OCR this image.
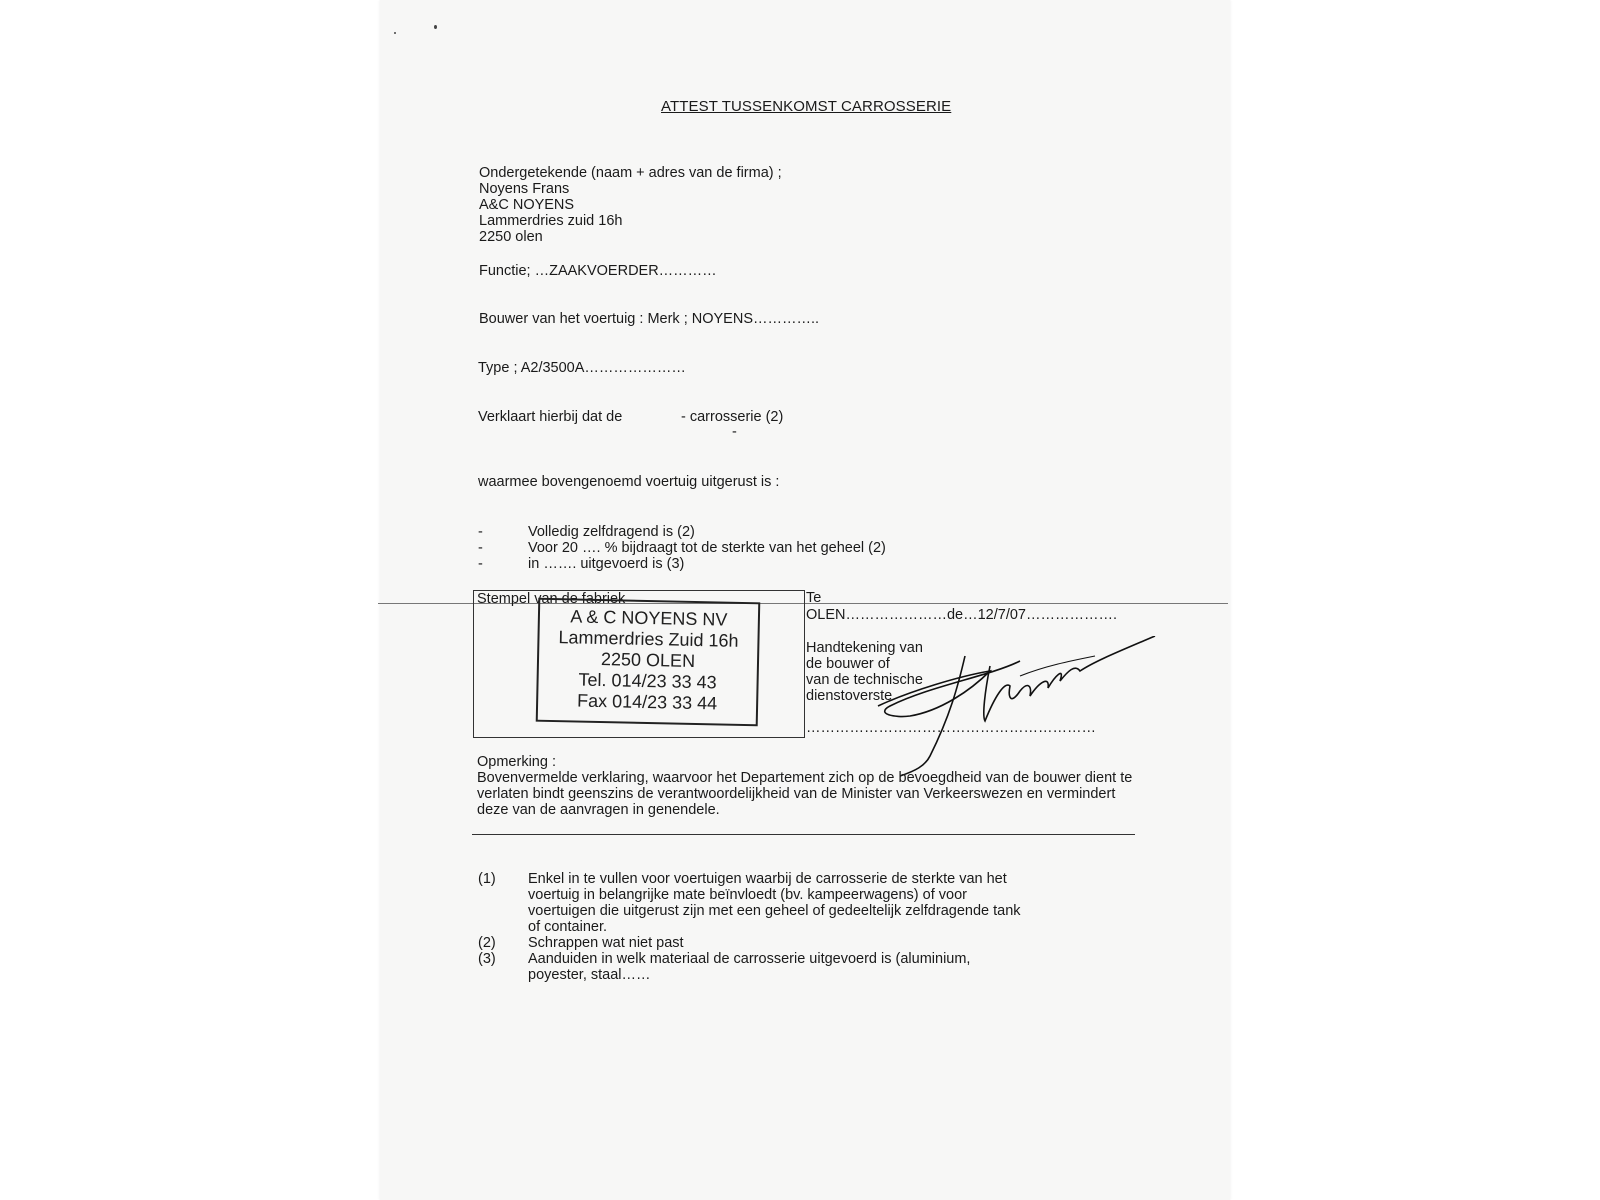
ATTEST TUSSENKOMST CARROSSERIE
Ondergetekende (naam + adres van de firma) ;
Noyens Frans
A&C NOYENS
Lammerdries zuid 16h
2250 olen
Functie; …ZAAKVOERDER…………
Bouwer van het voertuig : Merk ; NOYENS…………..
Type ; A2/3500A…………………
Verklaart hierbij dat de	- carrosserie (2)
-
waarmee bovengenoemd voertuig uitgerust is :
-	Volledig zelfdragend is (2)
-	Voor 20 …. % bijdraagt tot de sterkte van het geheel (2)
-	in ……. uitgevoerd is (3)
Stempel van de fabriek
A & C NOYENS NV
Lammerdries Zuid 16h
2250 OLEN
Tel. 014/23 33 43
Fax 014/23 33 44
Te
OLEN…………………de…12/7/07……………….
Handtekening van
de bouwer of
van de technische
dienstoverste
……………………………………………………
Opmerking :
Bovenvermelde verklaring, waarvoor het Departement zich op de bevoegdheid van de bouwer dient te
verlaten bindt geenszins de verantwoordelijkheid van de Minister van Verkeerswezen en vermindert
deze van de aanvragen in genendele.
(1) Enkel in te vullen voor voertuigen waarbij de carrosserie de sterkte van het
voertuig in belangrijke mate beïnvloedt (bv. kampeerwagens) of voor
voertuigen die uitgerust zijn met een geheel of gedeeltelijk zelfdragende tank
of container.
(2) Schrappen wat niet past
(3) Aanduiden in welk materiaal de carrosserie uitgevoerd is (aluminium,
poyester, staal……
